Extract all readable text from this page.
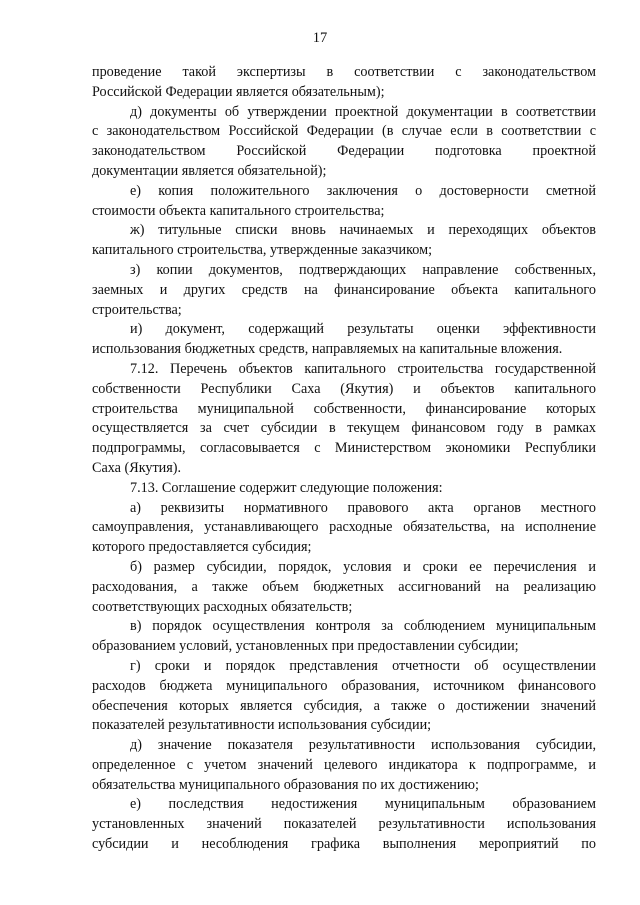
17
проведение такой экспертизы в соответствии с законодательством
Российской Федерации является обязательным);
д) документы об утверждении проектной документации в соответствии
с законодательством Российской Федерации (в случае если в соответствии с
законодательством Российской Федерации подготовка проектной
документации является обязательной);
е) копия положительного заключения о достоверности сметной
стоимости объекта капитального строительства;
ж) титульные списки вновь начинаемых и переходящих объектов
капитального строительства, утвержденные заказчиком;
з) копии документов, подтверждающих направление собственных,
заемных и других средств на финансирование объекта капитального
строительства;
и) документ, содержащий результаты оценки эффективности
использования бюджетных средств, направляемых на капитальные вложения.
7.12. Перечень объектов капитального строительства государственной
собственности Республики Саха (Якутия) и объектов капитального
строительства муниципальной собственности, финансирование которых
осуществляется за счет субсидии в текущем финансовом году в рамках
подпрограммы, согласовывается с Министерством экономики Республики
Саха (Якутия).
7.13. Соглашение содержит следующие положения:
а) реквизиты нормативного правового акта органов местного
самоуправления, устанавливающего расходные обязательства, на исполнение
которого предоставляется субсидия;
б) размер субсидии, порядок, условия и сроки ее перечисления и
расходования, а также объем бюджетных ассигнований на реализацию
соответствующих расходных обязательств;
в) порядок осуществления контроля за соблюдением муниципальным
образованием условий, установленных при предоставлении субсидии;
г) сроки и порядок представления отчетности об осуществлении
расходов бюджета муниципального образования, источником финансового
обеспечения которых является субсидия, а также о достижении значений
показателей результативности использования субсидии;
д) значение показателя результативности использования субсидии,
определенное с учетом значений целевого индикатора к подпрограмме, и
обязательства муниципального образования по их достижению;
е) последствия недостижения муниципальным образованием
установленных значений показателей результативности использования
субсидии и несоблюдения графика выполнения мероприятий по
